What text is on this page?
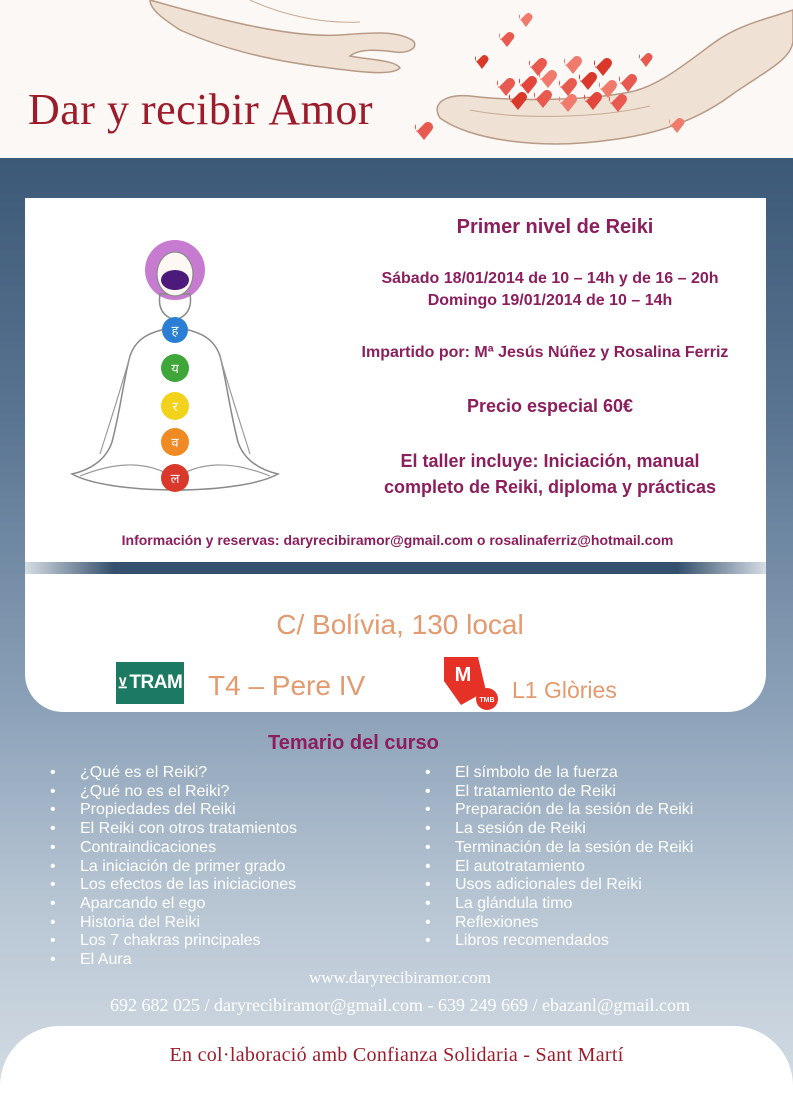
Dar y recibir Amor
ह
य
र
व
ल
Primer nivel de Reiki
Sábado 18/01/2014 de 10 – 14h y de 16 – 20h
Domingo 19/01/2014 de 10 – 14h
Impartido por: Mª Jesús Núñez y Rosalina Ferriz
Precio especial 60€
El taller incluye: Iniciación, manual
completo de Reiki, diploma y prácticas
Información y reservas: daryrecibiramor@gmail.com o rosalinaferriz@hotmail.com
C/ Bolívia, 130 local
⊻ TRAM T4 – Pere IV	M
TMB L1 Glòries
Temario del curso
•	¿Qué es el Reiki?
•	¿Qué no es el Reiki?
•	Propiedades del Reiki
•	El Reiki con otros tratamientos
•	Contraindicaciones
•	La iniciación de primer grado
•	Los efectos de las iniciaciones
•	Aparcando el ego
•	Historia del Reiki
•	Los 7 chakras principales
•	El Aura
•	El símbolo de la fuerza
•	El tratamiento de Reiki
•	Preparación de la sesión de Reiki
•	La sesión de Reiki
•	Terminación de la sesión de Reiki
•	El autotratamiento
•	Usos adicionales del Reiki
•	La glándula timo
•	Reflexiones
•	Libros recomendados
www.daryrecibiramor.com
692 682 025 / daryrecibiramor@gmail.com - 639 249 669 / ebazanl@gmail.com
En col·laboració amb Confianza Solidaria - Sant Martí
